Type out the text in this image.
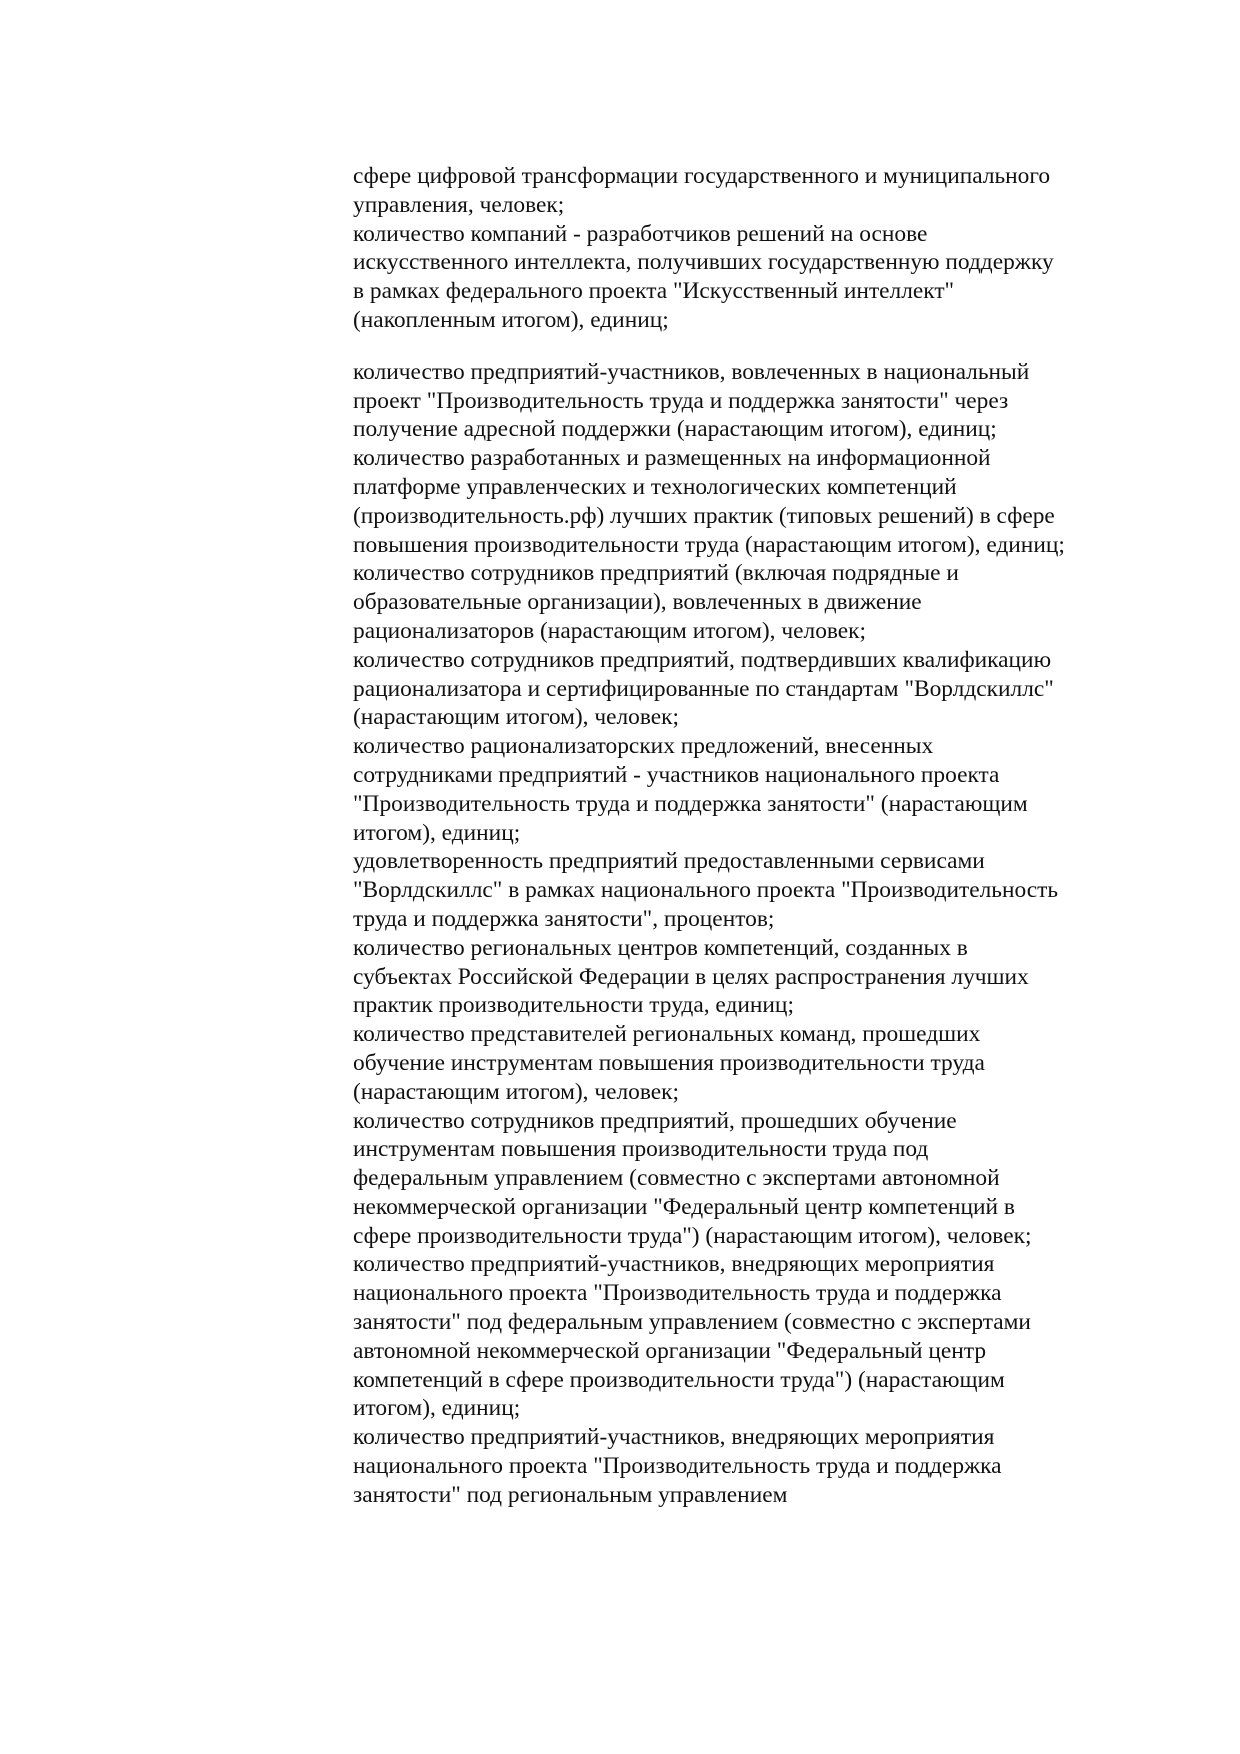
сфере цифровой трансформации государственного и муниципального управления, человек;

количество компаний - разработчиков решений на основе искусственного интеллекта, получивших государственную поддержку в рамках федерального проекта "Искусственный интеллект" (накопленным итогом), единиц;

количество предприятий-участников, вовлеченных в национальный проект "Производительность труда и поддержка занятости" через получение адресной поддержки (нарастающим итогом), единиц;

количество разработанных и размещенных на информационной платформе управленческих и технологических компетенций (производительность.рф) лучших практик (типовых решений) в сфере повышения производительности труда (нарастающим итогом), единиц;

количество сотрудников предприятий (включая подрядные и образовательные организации), вовлеченных в движение рационализаторов (нарастающим итогом), человек;

количество сотрудников предприятий, подтвердивших квалификацию рационализатора и сертифицированные по стандартам "Ворлдскиллс" (нарастающим итогом), человек;

количество рационализаторских предложений, внесенных сотрудниками предприятий - участников национального проекта "Производительность труда и поддержка занятости" (нарастающим итогом), единиц;

удовлетворенность предприятий предоставленными сервисами "Ворлдскиллс" в рамках национального проекта "Производительность труда и поддержка занятости", процентов;

количество региональных центров компетенций, созданных в субъектах Российской Федерации в целях распространения лучших практик производительности труда, единиц;

количество представителей региональных команд, прошедших обучение инструментам повышения производительности труда (нарастающим итогом), человек;

количество сотрудников предприятий, прошедших обучение инструментам повышения производительности труда под федеральным управлением (совместно с экспертами автономной некоммерческой организации "Федеральный центр компетенций в сфере производительности труда") (нарастающим итогом), человек;

количество предприятий-участников, внедряющих мероприятия национального проекта "Производительность труда и поддержка занятости" под федеральным управлением (совместно с экспертами автономной некоммерческой организации "Федеральный центр компетенций в сфере производительности труда") (нарастающим итогом), единиц;

количество предприятий-участников, внедряющих мероприятия национального проекта "Производительность труда и поддержка занятости" под региональным управлением
